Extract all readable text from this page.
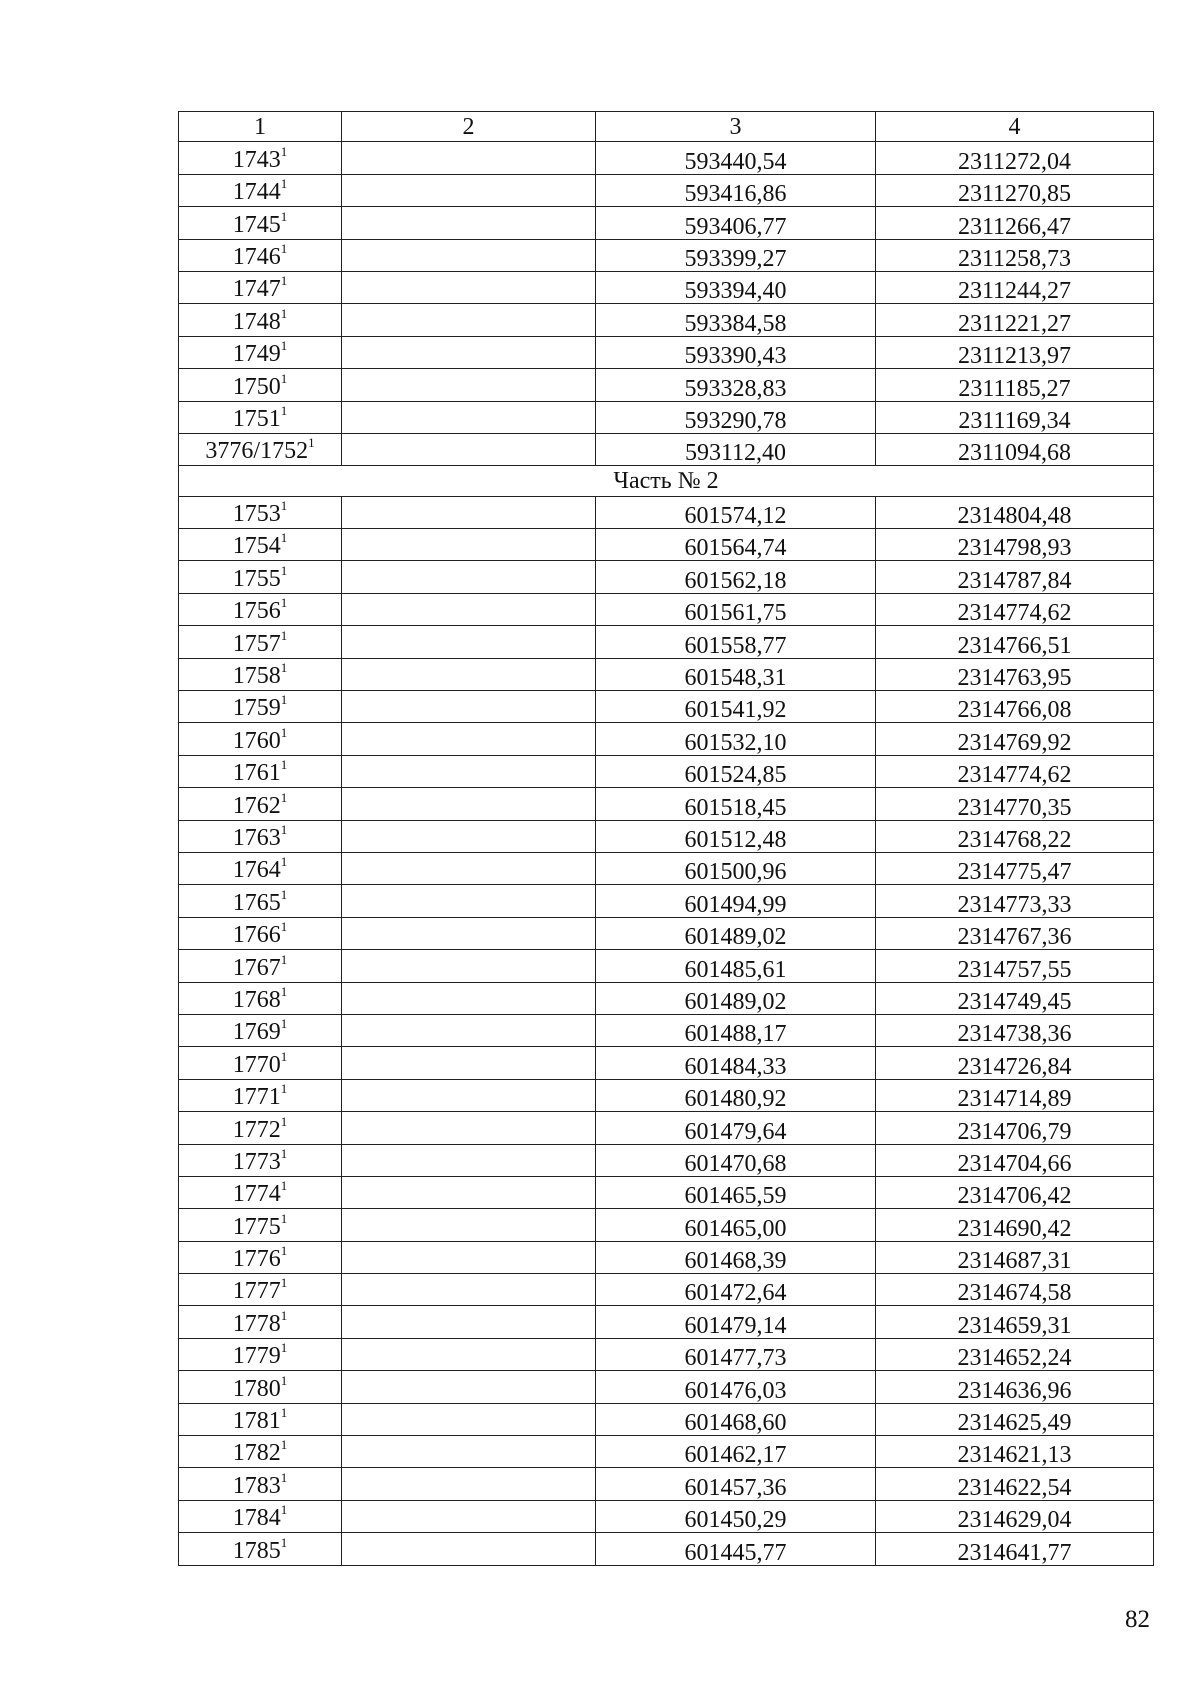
1	2	3	4
1743$^1$		593440,54	2311272,04
1744$^1$		593416,86	2311270,85
1745$^1$		593406,77	2311266,47
1746$^1$		593399,27	2311258,73
1747$^1$		593394,40	2311244,27
1748$^1$		593384,58	2311221,27
1749$^1$		593390,43	2311213,97
1750$^1$		593328,83	2311185,27
1751$^1$		593290,78	2311169,34
3776/1752$^1$		593112,40	2311094,68
Часть № 2			
1753$^1$		601574,12	2314804,48
1754$^1$		601564,74	2314798,93
1755$^1$		601562,18	2314787,84
1756$^1$		601561,75	2314774,62
1757$^1$		601558,77	2314766,51
1758$^1$		601548,31	2314763,95
1759$^1$		601541,92	2314766,08
1760$^1$		601532,10	2314769,92
1761$^1$		601524,85	2314774,62
1762$^1$		601518,45	2314770,35
1763$^1$		601512,48	2314768,22
1764$^1$		601500,96	2314775,47
1765$^1$		601494,99	2314773,33
1766$^1$		601489,02	2314767,36
1767$^1$		601485,61	2314757,55
1768$^1$		601489,02	2314749,45
1769$^1$		601488,17	2314738,36
1770$^1$		601484,33	2314726,84
1771$^1$		601480,92	2314714,89
1772$^1$		601479,64	2314706,79
1773$^1$		601470,68	2314704,66
1774$^1$		601465,59	2314706,42
1775$^1$		601465,00	2314690,42
1776$^1$		601468,39	2314687,31
1777$^1$		601472,64	2314674,58
1778$^1$		601479,14	2314659,31
1779$^1$		601477,73	2314652,24
1780$^1$		601476,03	2314636,96
1781$^1$		601468,60	2314625,49
1782$^1$		601462,17	2314621,13
1783$^1$		601457,36	2314622,54
1784$^1$		601450,29	2314629,04
1785$^1$		601445,77	2314641,77
82
